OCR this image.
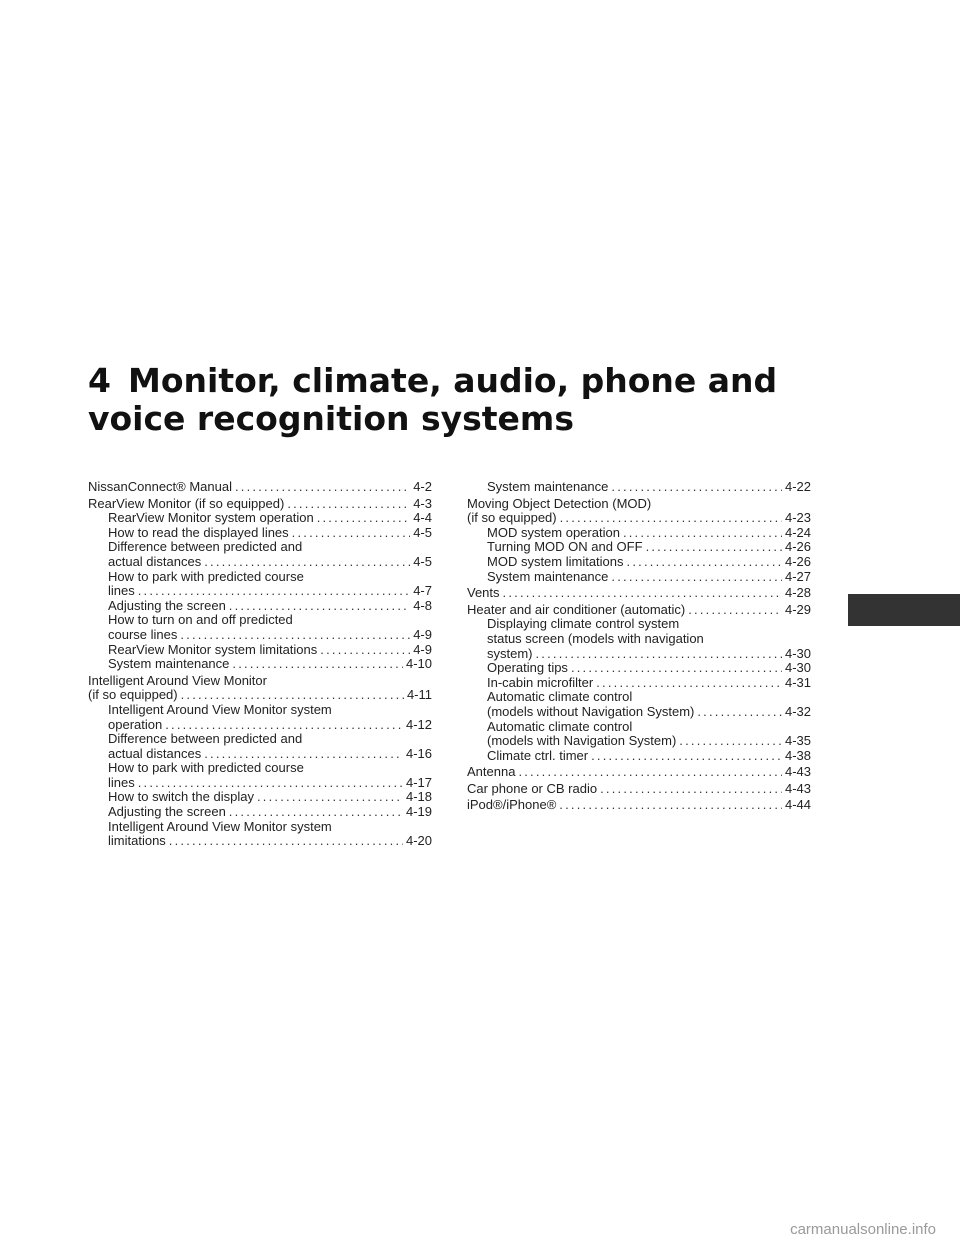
4 Monitor, climate, audio, phone and
voice recognition systems
NissanConnect® Manual .....	4-2
RearView Monitor (if so equipped) .....	4-3
RearView Monitor system operation .....	4-4
How to read the displayed lines .....	4-5
Difference between predicted and
actual distances .....	4-5
How to park with predicted course
lines .....	4-7
Adjusting the screen .....	4-8
How to turn on and off predicted
course lines .....	4-9
RearView Monitor system limitations .....	4-9
System maintenance .....	4-10
Intelligent Around View Monitor
(if so equipped) .....	4-11
Intelligent Around View Monitor system
operation .....	4-12
Difference between predicted and
actual distances .....	4-16
How to park with predicted course
lines .....	4-17
How to switch the display .....	4-18
Adjusting the screen .....	4-19
Intelligent Around View Monitor system
limitations .....	4-20
System maintenance .....	4-22
Moving Object Detection (MOD)
(if so equipped) .....	4-23
MOD system operation .....	4-24
Turning MOD ON and OFF .....	4-26
MOD system limitations .....	4-26
System maintenance .....	4-27
Vents .....	4-28
Heater and air conditioner (automatic) .....	4-29
Displaying climate control system
status screen (models with navigation
system) .....	4-30
Operating tips .....	4-30
In-cabin microfilter .....	4-31
Automatic climate control
(models without Navigation System) .....	4-32
Automatic climate control
(models with Navigation System) .....	4-35
Climate ctrl. timer .....	4-38
Antenna .....	4-43
Car phone or CB radio .....	4-43
iPod®/iPhone® .....	4-44
carmanualsonline.info
